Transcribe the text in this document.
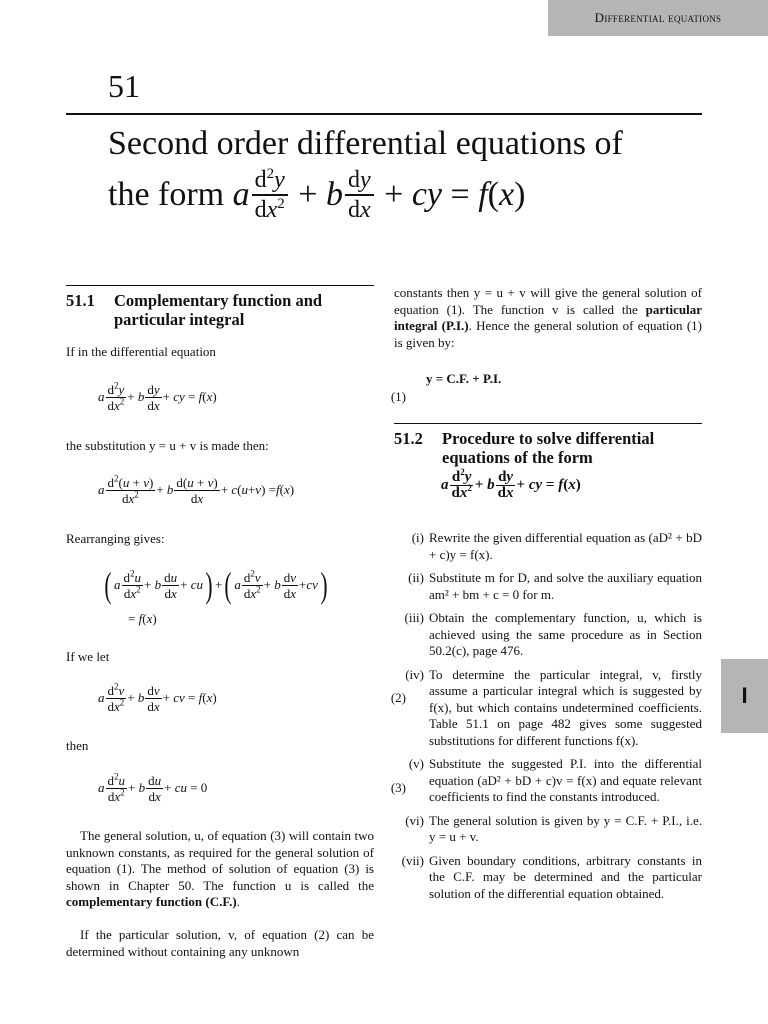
Differential equations
I
51
Second order differential equations of
the form
a $d^2y$
$dx^2 + b$ dy
dx + cy = f ( x )
51.1	Complementary function and
particular integral

If in the differential equation

a $\frac{d^2y}{dx^2} + b \frac{dy}{dx}$ + cy = f ( x )	(1)

the substitution y = u + v is made then:

a $\frac{d^2(u + v)}{dx^2} + b \frac{d(u + v)}{dx} + c$ ( u + v ) = f ( x )

Rearranging gives:

( a $\frac{d^2u}{dx^2} + b \frac{du}{dx}$ + cu ) + ( a $\frac{d^2v}{dx^2} + b \frac{dv}{dx}$ + cv )
= f(x)

If we let

a $\frac{d^2v}{dx^2} + b \frac{dv}{dx}$ + cv = f ( x )	(2)

then

a $\frac{d^2u}{dx^2} + b \frac{du}{dx}$ + cu = 0	(3)

The general solution, u, of equation (3) will contain two unknown constants, as required for the general solution of equation (1). The method of solution of equation (3) is shown in Chapter 50. The function u is called the complementary function (C.F.).

If the particular solution, v, of equation (2) can be determined without containing any unknown

constants then y = u + v will give the general solution of equation (1). The function v is called the particular integral (P.I.). Hence the general solution of equation (1) is given by:

y = C.F. + P.I.

51.2	Procedure to solve differential
equations of the form
a $\frac{d^2y}{dx^2} + b \frac{dy}{dx}$ + cy = f ( x )
(i) Rewrite the given differential equation as (aD² + bD + c)y = f(x).
(ii) Substitute m for D, and solve the auxiliary equation am² + bm + c = 0 for m.
(iii) Obtain the complementary function, u, which is achieved using the same procedure as in Section 50.2(c), page 476.
(iv) To determine the particular integral, v, firstly assume a particular integral which is suggested by f(x), but which contains undetermined coefficients. Table 51.1 on page 482 gives some suggested substitutions for different functions f(x).
(v) Substitute the suggested P.I. into the differential equation (aD² + bD + c)v = f(x) and equate relevant coefficients to find the constants introduced.
(vi) The general solution is given by y = C.F. + P.I., i.e. y = u + v.
(vii) Given boundary conditions, arbitrary constants in the C.F. may be determined and the particular solution of the differential equation obtained.
